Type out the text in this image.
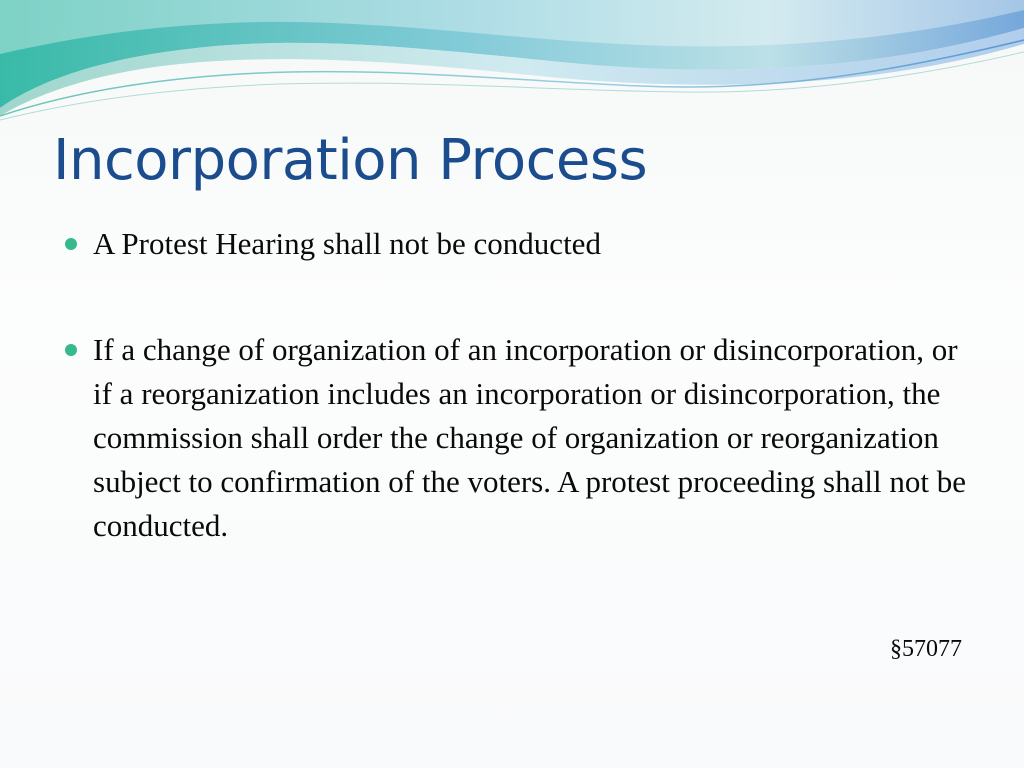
Incorporation Process
A Protest Hearing shall not be conducted
If a change of organization of an incorporation or disincorporation, or if a reorganization includes an incorporation or disincorporation, the commission shall order the change of organization or reorganization subject to confirmation of the voters. A protest proceeding shall not be conducted.
§57077
